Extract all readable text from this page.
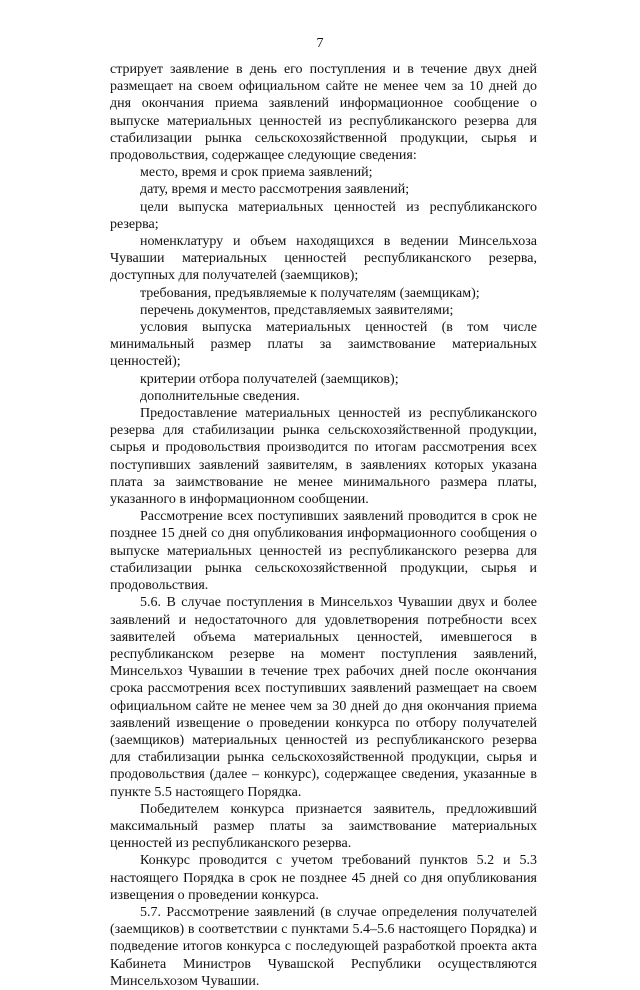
7

стрирует заявление в день его поступления и в течение двух дней размещает на своем официальном сайте не менее чем за 10 дней до дня окончания приема заявлений информационное сообщение о выпуске материальных ценностей из республиканского резерва для стабилизации рынка сельскохозяйственной продукции, сырья и продовольствия, содержащее следующие сведения:

место, время и срок приема заявлений;

дату, время и место рассмотрения заявлений;

цели выпуска материальных ценностей из республиканского резерва;

номенклатуру и объем находящихся в ведении Минсельхоза Чувашии материальных ценностей республиканского резерва, доступных для получателей (заемщиков);

требования, предъявляемые к получателям (заемщикам);

перечень документов, представляемых заявителями;

условия выпуска материальных ценностей (в том числе минимальный размер платы за заимствование материальных ценностей);

критерии отбора получателей (заемщиков);

дополнительные сведения.

Предоставление материальных ценностей из республиканского резерва для стабилизации рынка сельскохозяйственной продукции, сырья и продовольствия производится по итогам рассмотрения всех поступивших заявлений заявителям, в заявлениях которых указана плата за заимствование не менее минимального размера платы, указанного в информационном сообщении.

Рассмотрение всех поступивших заявлений проводится в срок не позднее 15 дней со дня опубликования информационного сообщения о выпуске материальных ценностей из республиканского резерва для стабилизации рынка сельскохозяйственной продукции, сырья и продовольствия.

5.6. В случае поступления в Минсельхоз Чувашии двух и более заявлений и недостаточного для удовлетворения потребности всех заявителей объема материальных ценностей, имевшегося в республиканском резерве на момент поступления заявлений, Минсельхоз Чувашии в течение трех рабочих дней после окончания срока рассмотрения всех поступивших заявлений размещает на своем официальном сайте не менее чем за 30 дней до дня окончания приема заявлений извещение о проведении конкурса по отбору получателей (заемщиков) материальных ценностей из республиканского резерва для стабилизации рынка сельскохозяйственной продукции, сырья и продовольствия (далее – конкурс), содержащее сведения, указанные в пункте 5.5 настоящего Порядка.

Победителем конкурса признается заявитель, предложивший максимальный размер платы за заимствование материальных ценностей из республиканского резерва.

Конкурс проводится с учетом требований пунктов 5.2 и 5.3 настоящего Порядка в срок не позднее 45 дней со дня опубликования извещения о проведении конкурса.

5.7. Рассмотрение заявлений (в случае определения получателей (заемщиков) в соответствии с пунктами 5.4–5.6 настоящего Порядка) и подведение итогов конкурса с последующей разработкой проекта акта Кабинета Министров Чувашской Республики осуществляются Минсельхозом Чувашии.
